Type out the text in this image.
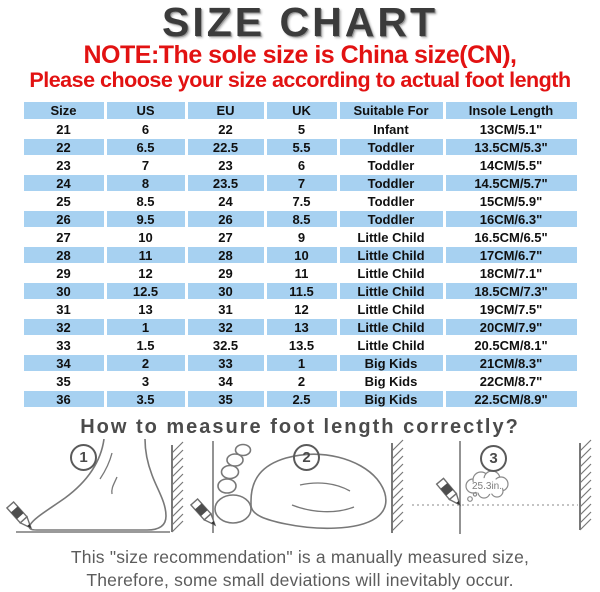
SIZE CHART
NOTE:The sole size is China size(CN),
Please choose your size according to actual foot length
Size	US	EU	UK	Suitable For	Insole Length
21	6	22	5	Infant	13CM/5.1"
22	6.5	22.5	5.5	Toddler	13.5CM/5.3"
23	7	23	6	Toddler	14CM/5.5"
24	8	23.5	7	Toddler	14.5CM/5.7"
25	8.5	24	7.5	Toddler	15CM/5.9"
26	9.5	26	8.5	Toddler	16CM/6.3"
27	10	27	9	Little Child	16.5CM/6.5"
28	11	28	10	Little Child	17CM/6.7"
29	12	29	11	Little Child	18CM/7.1"
30	12.5	30	11.5	Little Child	18.5CM/7.3"
31	13	31	12	Little Child	19CM/7.5"
32	1	32	13	Little Child	20CM/7.9"
33	1.5	32.5	13.5	Little Child	20.5CM/8.1"
34	2	33	1	Big Kids	21CM/8.3"
35	3	34	2	Big Kids	22CM/8.7"
36	3.5	35	2.5	Big Kids	22.5CM/8.9"
How to measure foot length correctly?
25.3in.
1	2	3
This "size recommendation" is a manually measured size,
Therefore, some small deviations will inevitably occur.
